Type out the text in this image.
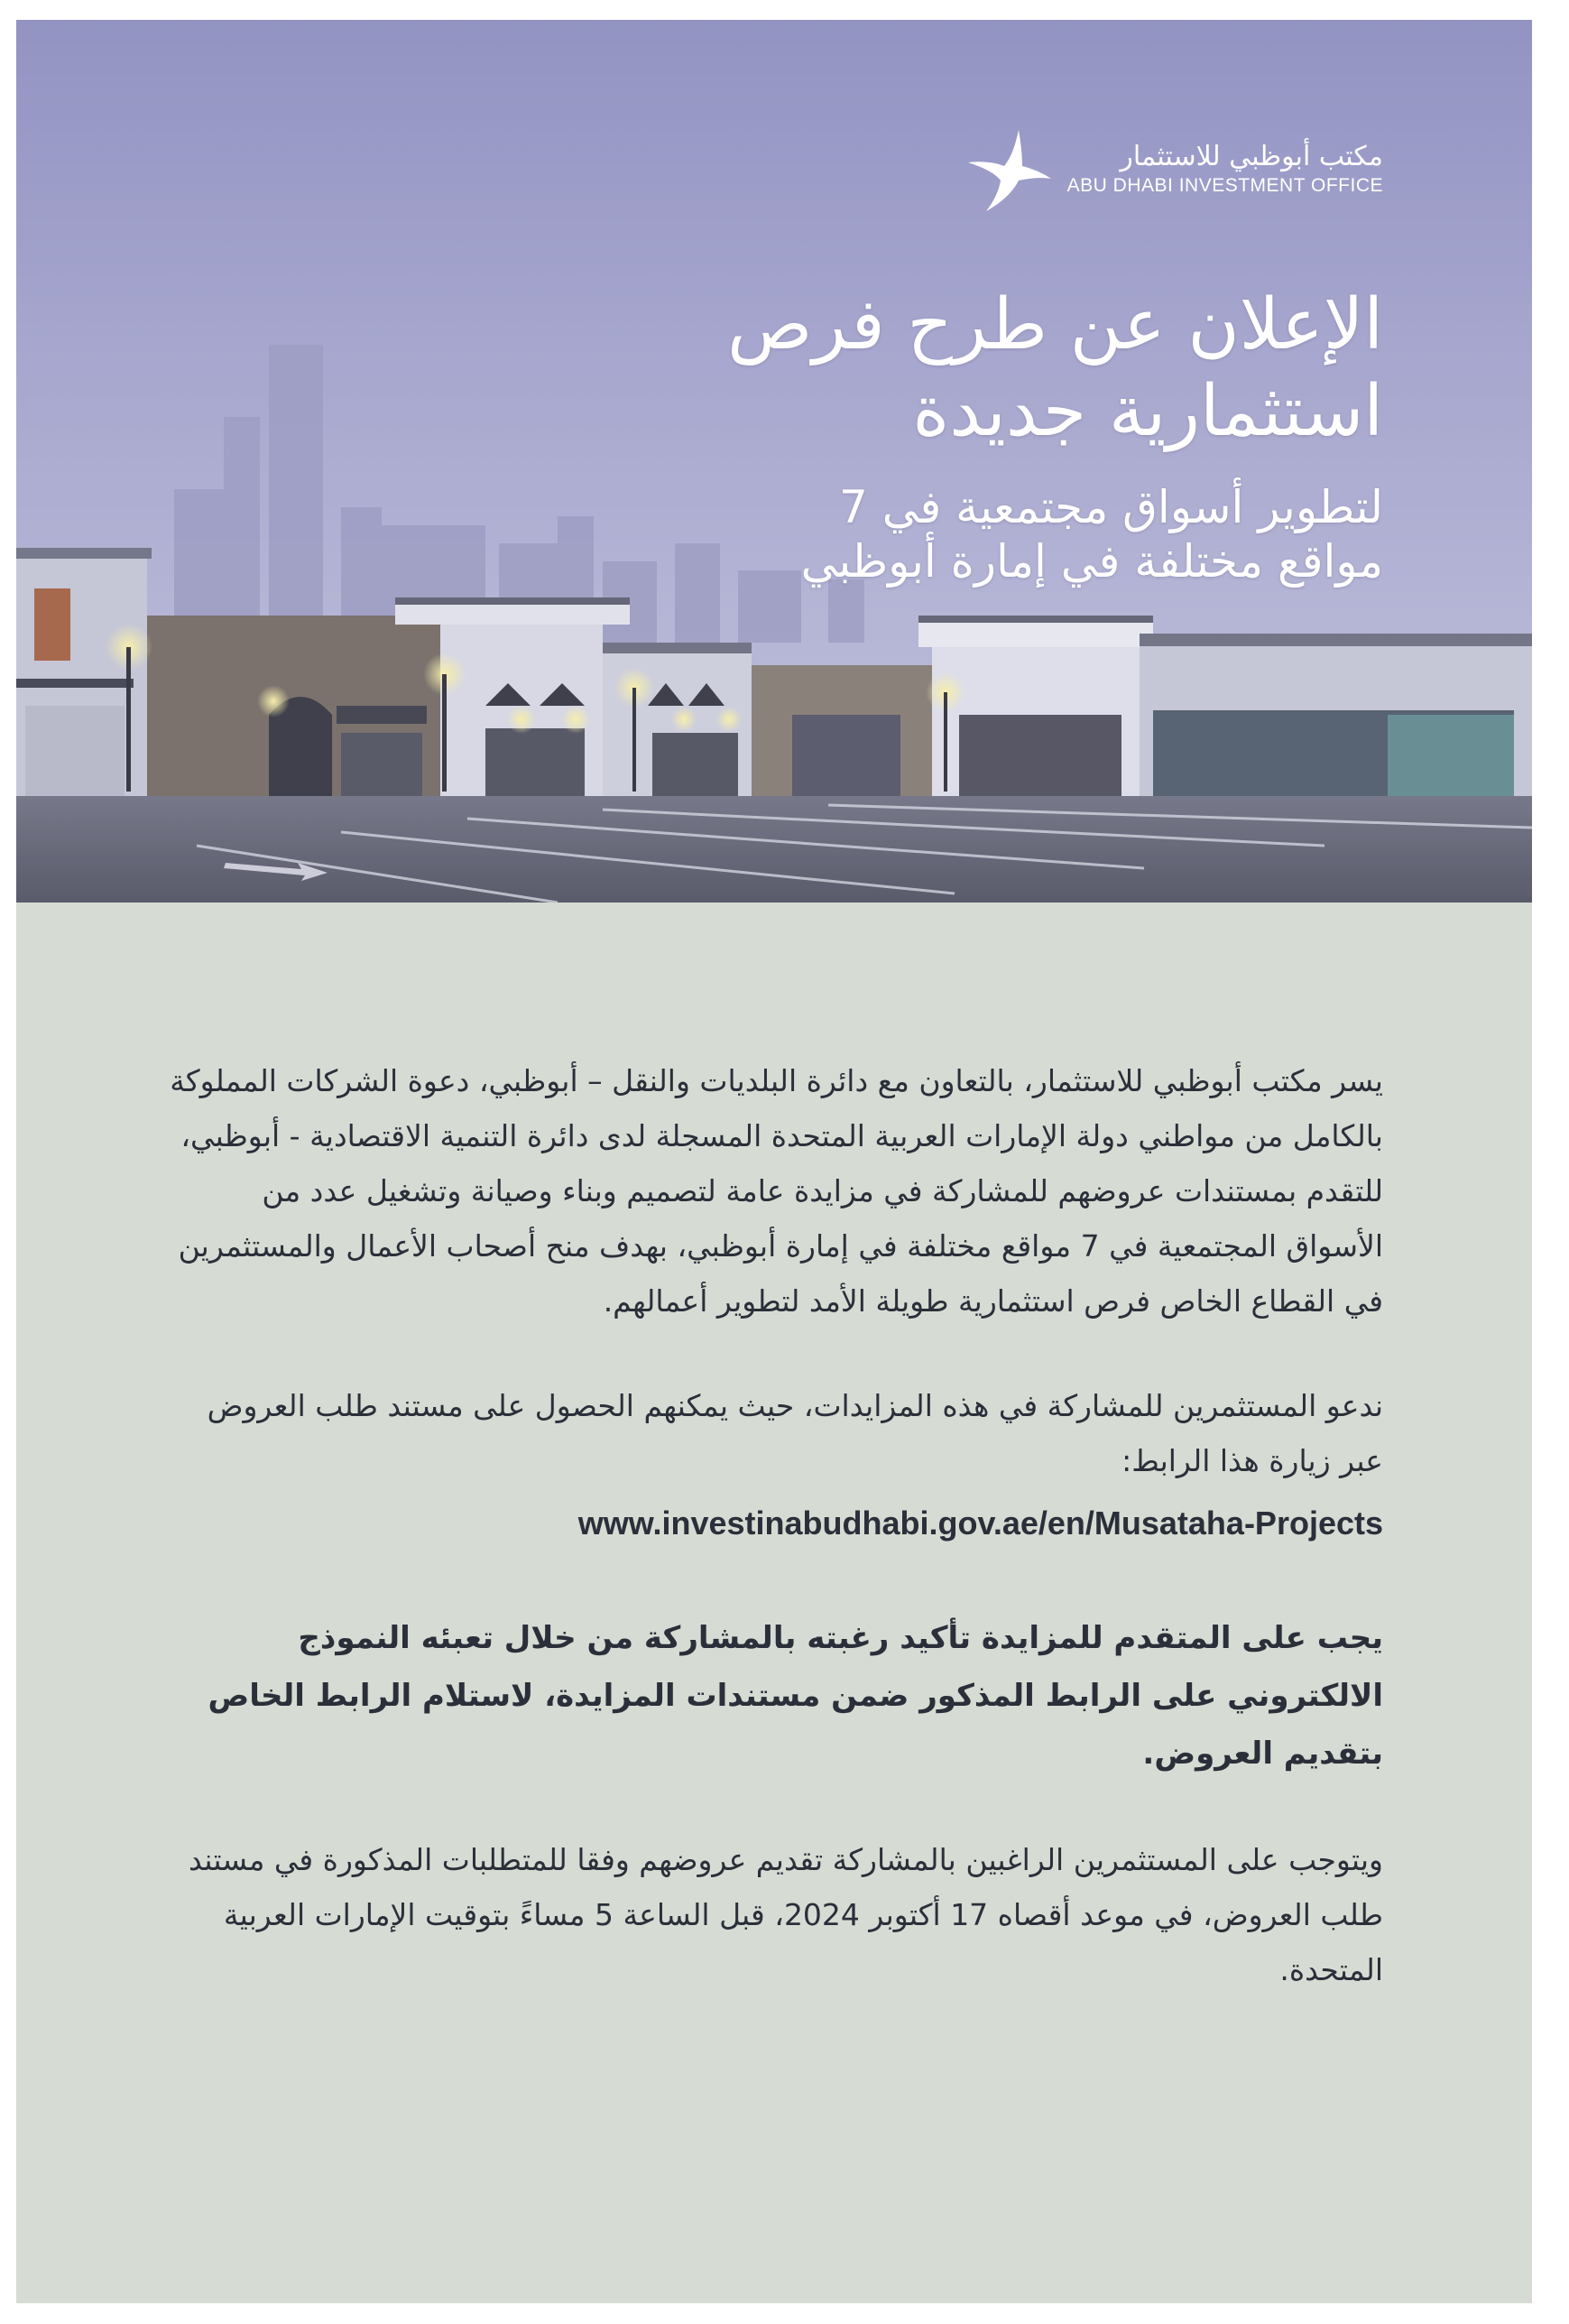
مكتب أبوظبي للاستثمار
ABU DHABI INVESTMENT OFFICE
الإعلان عن طرح فرص
استثمارية جديدة

لتطوير أسواق مجتمعية في 7
مواقع مختلفة في إمارة أبوظبي

يسر مكتب أبوظبي للاستثمار، بالتعاون مع دائرة البلديات والنقل – أبوظبي، دعوة الشركات المملوكة بالكامل من مواطني دولة الإمارات العربية المتحدة المسجلة لدى دائرة التنمية الاقتصادية - أبوظبي، للتقدم بمستندات عروضهم للمشاركة في مزايدة عامة لتصميم وبناء وصيانة وتشغيل عدد من الأسواق المجتمعية في 7 مواقع مختلفة في إمارة أبوظبي، بهدف منح أصحاب الأعمال والمستثمرين في القطاع الخاص فرص استثمارية طويلة الأمد لتطوير أعمالهم.

ندعو المستثمرين للمشاركة في هذه المزايدات، حيث يمكنهم الحصول على مستند طلب العروض عبر زيارة هذا الرابط:

www.investinabudhabi.gov.ae/en/Musataha-Projects

يجب على المتقدم للمزايدة تأكيد رغبته بالمشاركة من خلال تعبئه النموذج الالكتروني على الرابط المذكور ضمن مستندات المزايدة، لاستلام الرابط الخاص بتقديم العروض.

ويتوجب على المستثمرين الراغبين بالمشاركة تقديم عروضهم وفقا للمتطلبات المذكورة في مستند طلب العروض، في موعد أقصاه 17 أكتوبر 2024، قبل الساعة 5 مساءً بتوقيت الإمارات العربية المتحدة.
